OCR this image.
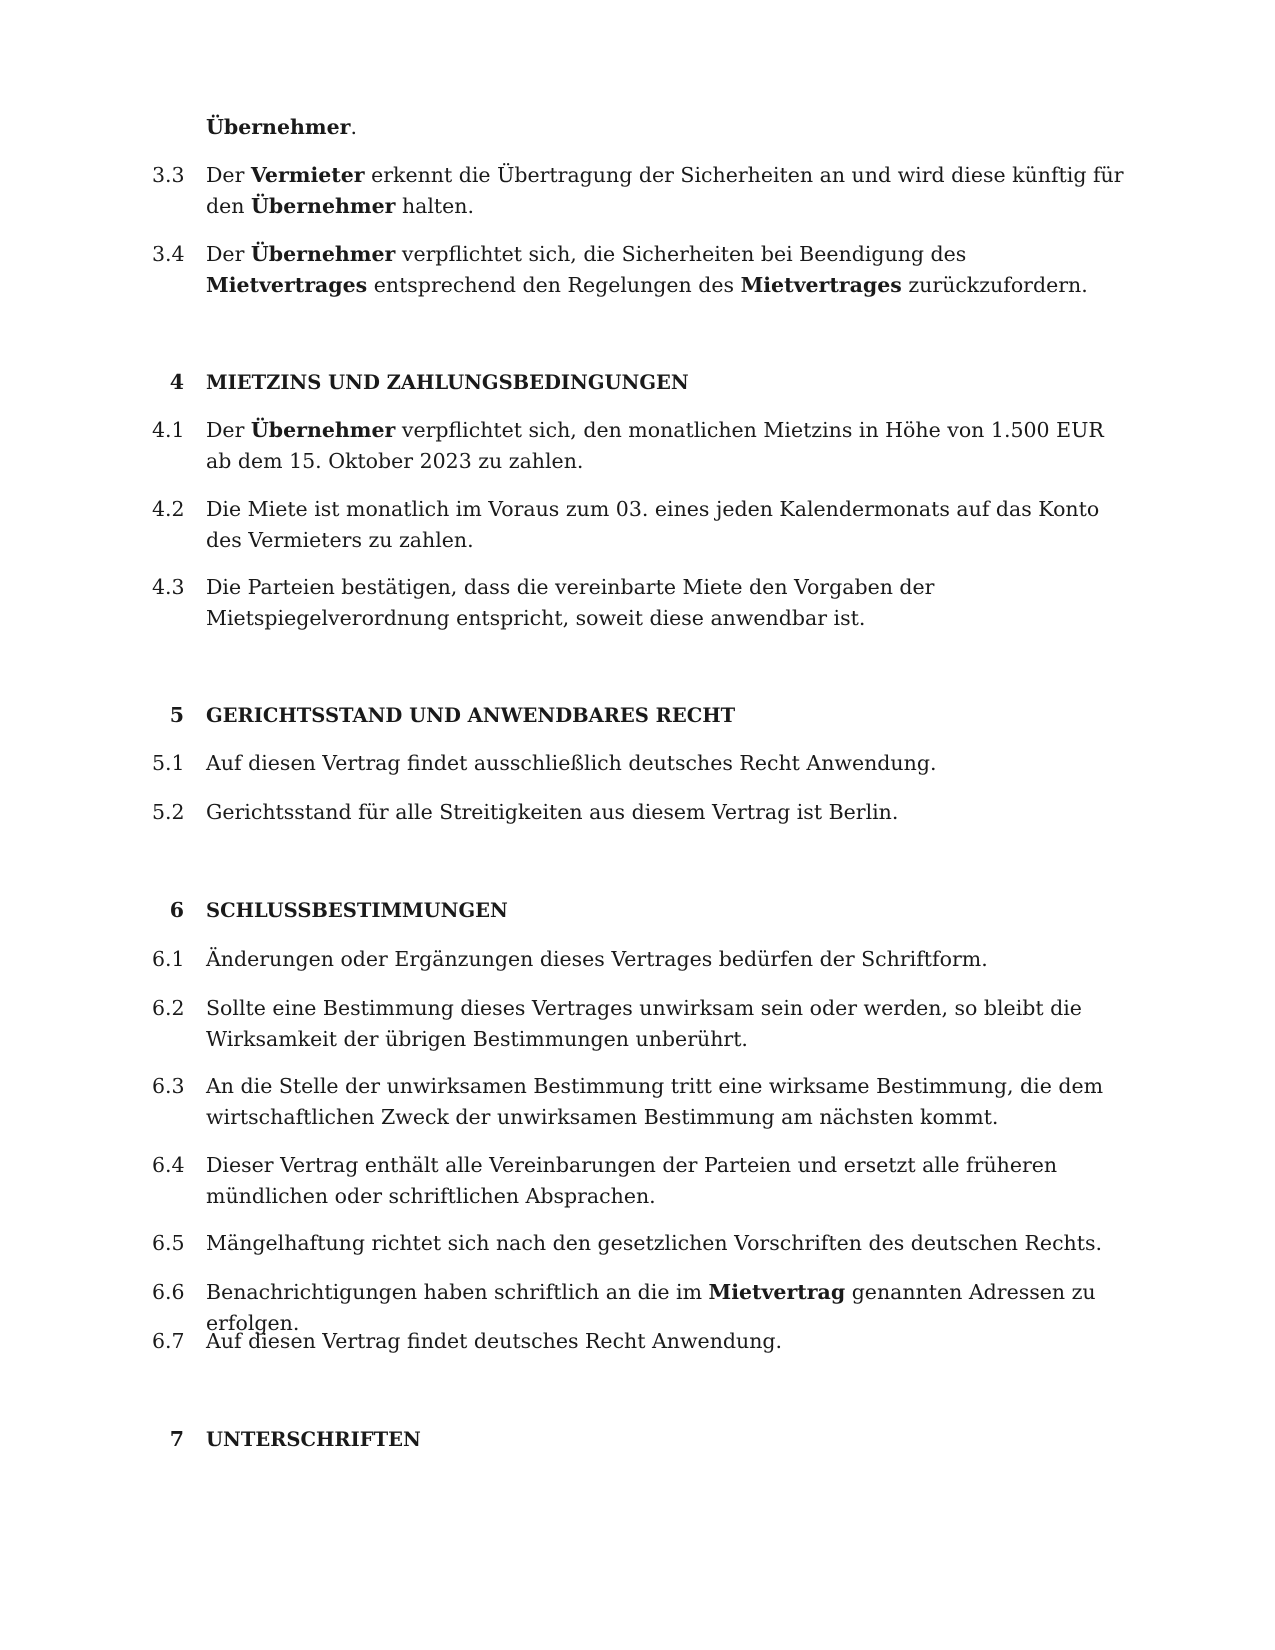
Übernehmer.
3.3	Der Vermieter erkennt die Übertragung der Sicherheiten an und wird diese künftig für den Übernehmer halten.
3.4	Der Übernehmer verpflichtet sich, die Sicherheiten bei Beendigung des Mietvertrages entsprechend den Regelungen des Mietvertrages zurückzufordern.
4 MIETZINS UND ZAHLUNGSBEDINGUNGEN
4.1	Der Übernehmer verpflichtet sich, den monatlichen Mietzins in Höhe von 1.500 EUR ab dem 15. Oktober 2023 zu zahlen.
4.2	Die Miete ist monatlich im Voraus zum 03. eines jeden Kalendermonats auf das Konto des Vermieters zu zahlen.
4.3	Die Parteien bestätigen, dass die vereinbarte Miete den Vorgaben der Mietspiegelverordnung entspricht, soweit diese anwendbar ist.
5 GERICHTSSTAND UND ANWENDBARES RECHT
5.1	Auf diesen Vertrag findet ausschließlich deutsches Recht Anwendung.
5.2	Gerichtsstand für alle Streitigkeiten aus diesem Vertrag ist Berlin.
6 SCHLUSSBESTIMMUNGEN
6.1	Änderungen oder Ergänzungen dieses Vertrages bedürfen der Schriftform.
6.2	Sollte eine Bestimmung dieses Vertrages unwirksam sein oder werden, so bleibt die Wirksamkeit der übrigen Bestimmungen unberührt.
6.3	An die Stelle der unwirksamen Bestimmung tritt eine wirksame Bestimmung, die dem wirtschaftlichen Zweck der unwirksamen Bestimmung am nächsten kommt.
6.4	Dieser Vertrag enthält alle Vereinbarungen der Parteien und ersetzt alle früheren mündlichen oder schriftlichen Absprachen.
6.5	Mängelhaftung richtet sich nach den gesetzlichen Vorschriften des deutschen Rechts.
6.6	Benachrichtigungen haben schriftlich an die im Mietvertrag genannten Adressen zu erfolgen.
6.7	Auf diesen Vertrag findet deutsches Recht Anwendung.
7 UNTERSCHRIFTEN
